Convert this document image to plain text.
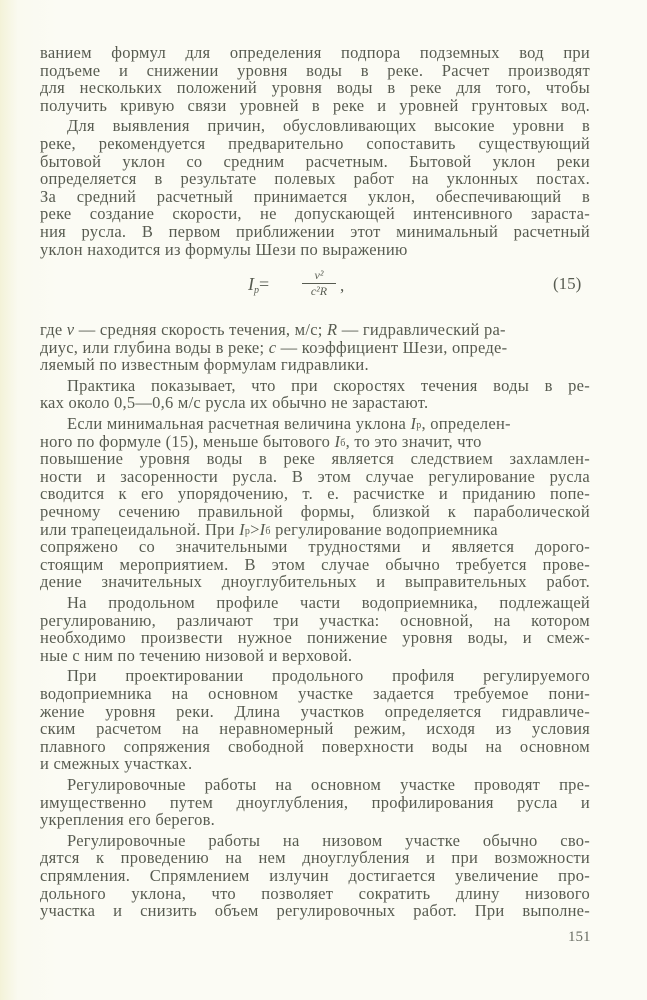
ванием формул для определения подпора подземных вод при
подъеме и снижении уровня воды в реке. Расчет производят
для нескольких положений уровня воды в реке для того, чтобы
получить кривую связи уровней в реке и уровней грунтовых вод.
Для выявления причин, обусловливающих высокие уровни в
реке, рекомендуется предварительно сопоставить существующий
бытовой уклон со средним расчетным. Бытовой уклон реки
определяется в результате полевых работ на уклонных постах.
За средний расчетный принимается уклон, обеспечивающий в
реке создание скорости, не допускающей интенсивного зараста-
ния русла. В первом приближении этот минимальный расчетный
уклон находится из формулы Шези по выражению
где v — средняя скорость течения, м/с; R — гидравлический ра-
диус, или глубина воды в реке; c — коэффициент Шези, опреде-
ляемый по известным формулам гидравлики.
Практика показывает, что при скоростях течения воды в ре-
ках около 0,5—0,6 м/с русла их обычно не зарастают.
Если минимальная расчетная величина уклона $I_р$, определен-
ного по формуле (15), меньше бытового $I_б$, то это значит, что
повышение уровня воды в реке является следствием захламлен-
ности и засоренности русла. В этом случае регулирование русла
сводится к его упорядочению, т. е. расчистке и приданию попе-
речному сечению правильной формы, близкой к параболической
или трапецеидальной. При $I_р>I_б$ регулирование водоприемника
сопряжено со значительными трудностями и является дорого-
стоящим мероприятием. В этом случае обычно требуется прове-
дение значительных дноуглубительных и выправительных работ.
На продольном профиле части водоприемника, подлежащей
регулированию, различают три участка: основной, на котором
необходимо произвести нужное понижение уровня воды, и смеж-
ные с ним по течению низовой и верховой.
При проектировании продольного профиля регулируемого
водоприемника на основном участке задается требуемое пони-
жение уровня реки. Длина участков определяется гидравличе-
ским расчетом на неравномерный режим, исходя из условия
плавного сопряжения свободной поверхности воды на основном
и смежных участках.
Регулировочные работы на основном участке проводят пре-
имущественно путем дноуглубления, профилирования русла и
укрепления его берегов.
Регулировочные работы на низовом участке обычно сво-
дятся к проведению на нем дноуглубления и при возможности
спрямления. Спрямлением излучин достигается увеличение про-
дольного уклона, что позволяет сократить длину низового
участка и снизить объем регулировочных работ. При выполне-
$I_р=$	$\frac{\text{v²}}{\text{c²R}}$ ,	(15)
151
